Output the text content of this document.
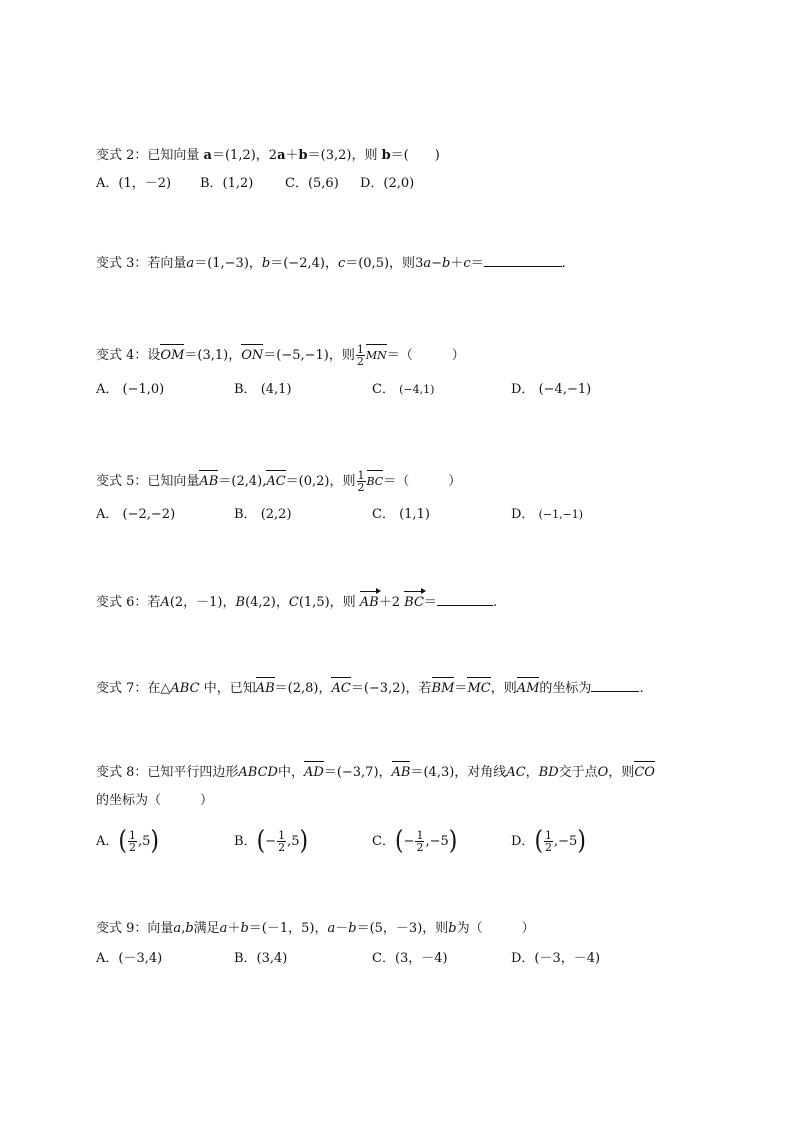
变式 2：已知向量 a＝(1,2)，2a＋b＝(3,2)，则 b＝(　　)
A．(1，－2) B．(1,2) C．(5,6) D．(2,0)
变式 3：若向量a＝(1,−3)，b＝(−2,4)，c＝(0,5)，则3a−b＋c＝	.
变式 4：设OM＝(3,1)，ON＝(−5,−1)，则 $\frac{1}{2} MN=$（　　　）
A． (−1,0)	B． (4,1)	C． (−4,1)	D． (−4,−1)
变式 5：已知向量AB＝(2,4),AC＝(0,2)，则 $\frac{1}{2} BC=$（　　　）
A． (−2,−2)	B． (2,2)	C． (1,1)	D． (−1,−1)
变式 6：若A(2，－1)，B(4,2)，C(1,5)，则 AB＋2 BC＝	.
变式 7：在△ABC 中，已知AB＝(2,8)，AC＝(−3,2)，若BM＝MC，则AM的坐标为	.
变式 8：已知平行四边形ABCD中，AD＝(−3,7)，AB＝(4,3)，对角线AC，BD交于点O，则CO
的坐标为（　　　）
A．( $\frac{1}{2} ,5$)	B．(− $\frac{1}{2} ,5$)	C．(− $\frac{1}{2} ,-5$)	D．( $\frac{1}{2} ,-5$)
变式 9：向量a,b满足a＋b＝(－1，5)，a－b＝(5，－3)，则b为（　　　）
A．(－3,4)	B．(3,4)	C．(3，－4)	D．(－3，－4)
